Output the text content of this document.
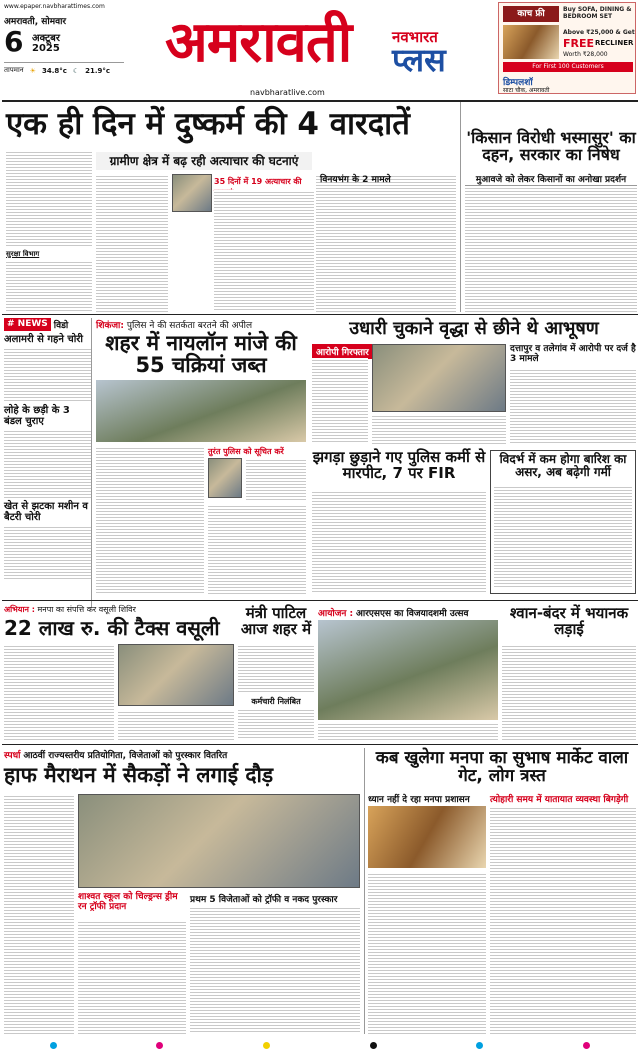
www.epaper.navbharattimes.com
अमरावती, सोमवार
6 अक्टूबर
2025
तापमान ☀ 34.8°c ☾ 21.9°c अमरावती	नवभारत
प्लस
navbharatlive.com
काच फ्री	Buy SOFA, DINING & BEDROOM SET
Above ₹25,000 & Get
FREE RECLINER
Worth ₹28,000
For First 100 Customers
डिम्पलशॉ
साटा चौक, अमरावती
एक ही दिन में दुष्कर्म की 4 वारदातें
सुरक्षा विभाग
ग्रामीण क्षेत्र में बढ़ रही अत्याचार की घटनाएं
35 दिनों में 19 अत्याचार की	विनयभंग के 2 मामले
'किसान विरोधी भस्मासुर' का दहन, सरकार का निषेध
मुआवजे को लेकर किसानों का अनोखा प्रदर्शन
# NEWS विडो
अलामरी से गहने चोरी
लोहे के छड़ी के 3 बंडल चुराए
खेत से झटका मशीन व बैटरी चोरी
शिकंजा: पुलिस ने की सतर्कता बरतने की अपील
शहर में नायलॉन मांजे की 55 चक्रियां जब्त
तुरंत पुलिस को सूचित करें
उधारी चुकाने वृद्धा से छीने थे आभूषण
आरोपी गिरफ्तार	दत्तापुर व तलेगांव में आरोपी पर दर्ज है 3 मामले
झगड़ा छुड़ाने गए पुलिस कर्मी से मारपीट, 7 पर FIR
विदर्भ में कम होगा बारिश का असर, अब बढ़ेगी गर्मी
अभियान : मनपा का संपत्ति कर वसूली शिविर
22 लाख रु. की टैक्स वसूली
मंत्री पाटिल आज शहर में
कर्मचारी निलंबित
आयोजन : आरएसएस का विजयादशमी उत्सव	श्वान-बंदर में भयानक लड़ाई
स्पर्धा आठवीं राज्यस्तरीय प्रतियोगिता, विजेताओं को पुरस्कार वितरित
हाफ मैराथन में सैकड़ों ने लगाई दौड़
शाश्वत स्कूल को चिल्ड्रन्स ड्रीम रन ट्रॉफी प्रदान
प्रथम 5 विजेताओं को ट्रॉफी व नकद पुरस्कार
कब खुलेगा मनपा का सुभाष मार्केट वाला गेट, लोग त्रस्त
ध्यान नहीं दे रहा मनपा प्रशासन	त्योहारी समय में यातायात व्यवस्था बिगड़ेगी
